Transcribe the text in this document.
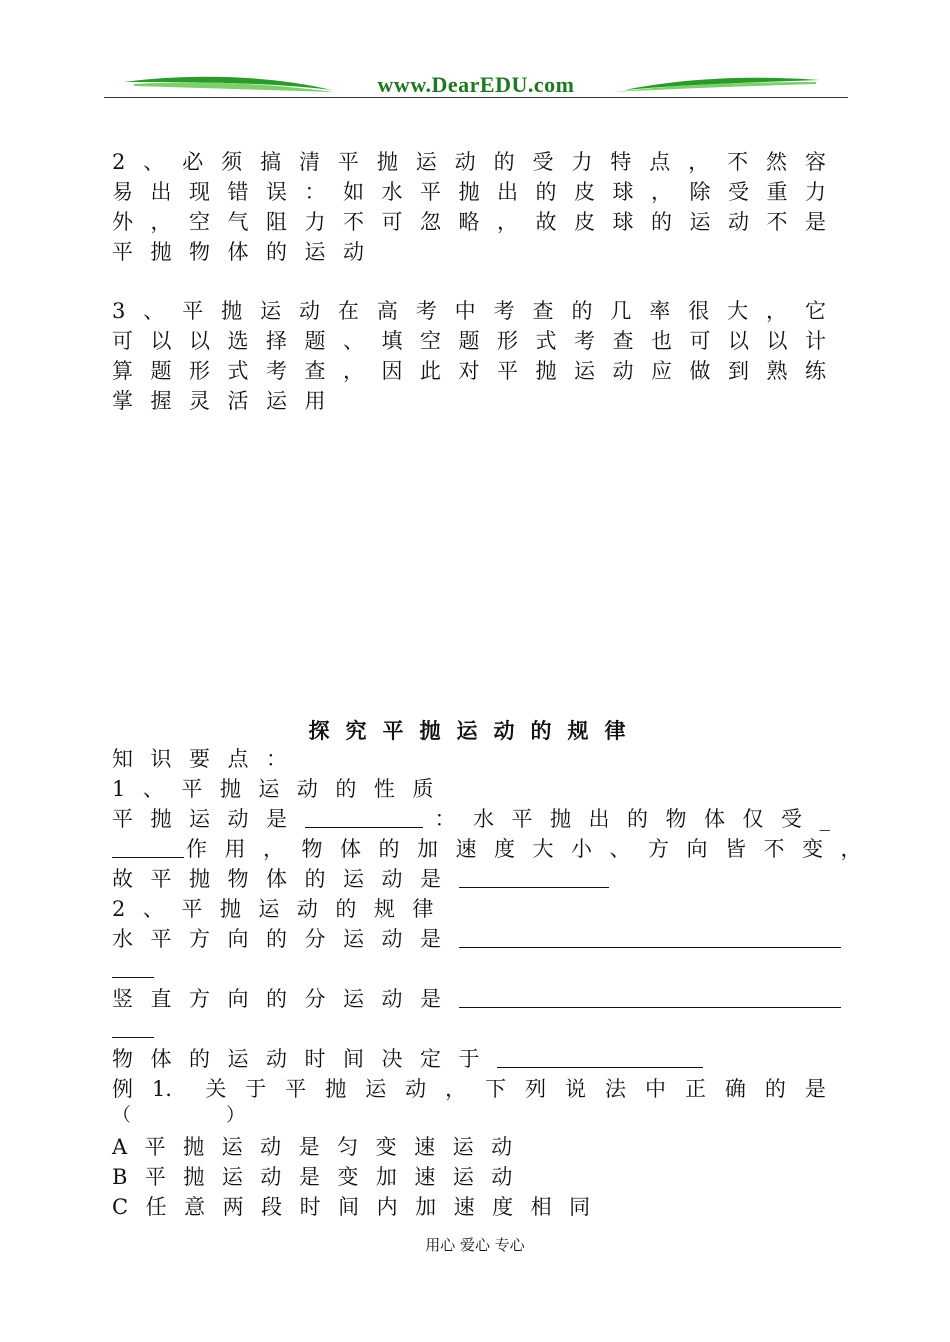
www.DearEDU.com
2 、 必 须 搞 清 平 抛 运 动 的 受 力 特 点 ， 不 然 容
易 出 现 错 误 ： 如 水 平 抛 出 的 皮 球 ， 除 受 重 力
外 ， 空 气 阻 力 不 可 忽 略 ， 故 皮 球 的 运 动 不 是
平抛物体的运动
3 、 平 抛 运 动 在 高 考 中 考 查 的 几 率 很 大 ， 它
可 以 以 选 择 题 、 填 空 题 形 式 考 查 也 可 以 以 计
算 题 形 式 考 查 ， 因 此 对 平 抛 运 动 应 做 到 熟 练
掌握灵活运用
探究平抛运动的规律
知识要点：
1、平抛运动的性质
平抛运动是	：水平抛出的物体仅受_
作用，物体的加速度大小、方向皆不变，
故平抛物体的运动是
2、平抛运动的规律
水平方向的分运动是
竖直方向的分运动是
物体的运动时间决定于
例 1． 关 于 平 抛 运 动 ， 下 列 说 法 中 正 确 的 是
（　　　　　）
A平抛运动是匀变速运动
B平抛运动是变加速运动
C任意两段时间内加速度相同
用心 爱心 专心
